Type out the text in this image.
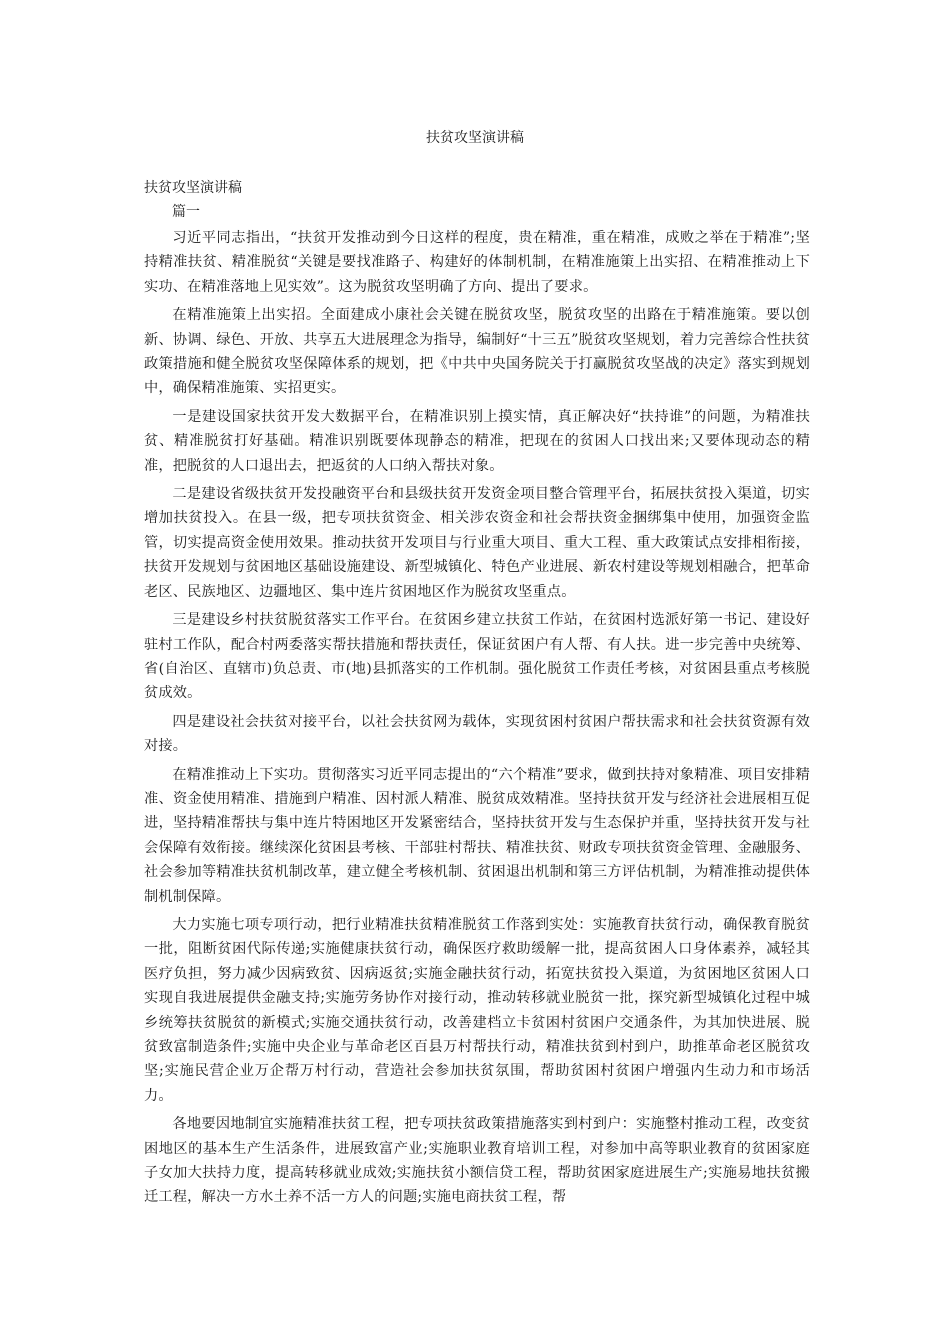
扶贫攻坚演讲稿

扶贫攻坚演讲稿

篇一

习近平同志指出，“扶贫开发推动到今日这样的程度，贵在精准，重在精准，成败之举在于精准”;坚持精准扶贫、精准脱贫“关键是要找准路子、构建好的体制机制，在精准施策上出实招、在精准推动上下实功、在精准落地上见实效”。这为脱贫攻坚明确了方向、提出了要求。

在精准施策上出实招。全面建成小康社会关键在脱贫攻坚，脱贫攻坚的出路在于精准施策。要以创新、协调、绿色、开放、共享五大进展理念为指导，编制好“十三五”脱贫攻坚规划，着力完善综合性扶贫政策措施和健全脱贫攻坚保障体系的规划，把《中共中央国务院关于打赢脱贫攻坚战的决定》落实到规划中，确保精准施策、实招更实。

一是建设国家扶贫开发大数据平台，在精准识别上摸实情，真正解决好“扶持谁”的问题，为精准扶贫、精准脱贫打好基础。精准识别既要体现静态的精准，把现在的贫困人口找出来;又要体现动态的精准，把脱贫的人口退出去，把返贫的人口纳入帮扶对象。

二是建设省级扶贫开发投融资平台和县级扶贫开发资金项目整合管理平台，拓展扶贫投入渠道，切实增加扶贫投入。在县一级，把专项扶贫资金、相关涉农资金和社会帮扶资金捆绑集中使用，加强资金监管，切实提高资金使用效果。推动扶贫开发项目与行业重大项目、重大工程、重大政策试点安排相衔接，扶贫开发规划与贫困地区基础设施建设、新型城镇化、特色产业进展、新农村建设等规划相融合，把革命老区、民族地区、边疆地区、集中连片贫困地区作为脱贫攻坚重点。

三是建设乡村扶贫脱贫落实工作平台。在贫困乡建立扶贫工作站，在贫困村选派好第一书记、建设好驻村工作队，配合村两委落实帮扶措施和帮扶责任，保证贫困户有人帮、有人扶。进一步完善中央统筹、省(自治区、直辖市)负总责、市(地)县抓落实的工作机制。强化脱贫工作责任考核，对贫困县重点考核脱贫成效。

四是建设社会扶贫对接平台，以社会扶贫网为载体，实现贫困村贫困户帮扶需求和社会扶贫资源有效对接。

在精准推动上下实功。贯彻落实习近平同志提出的“六个精准”要求，做到扶持对象精准、项目安排精准、资金使用精准、措施到户精准、因村派人精准、脱贫成效精准。坚持扶贫开发与经济社会进展相互促进，坚持精准帮扶与集中连片特困地区开发紧密结合，坚持扶贫开发与生态保护并重，坚持扶贫开发与社会保障有效衔接。继续深化贫困县考核、干部驻村帮扶、精准扶贫、财政专项扶贫资金管理、金融服务、社会参加等精准扶贫机制改革，建立健全考核机制、贫困退出机制和第三方评估机制，为精准推动提供体制机制保障。

大力实施七项专项行动，把行业精准扶贫精准脱贫工作落到实处：实施教育扶贫行动，确保教育脱贫一批，阻断贫困代际传递;实施健康扶贫行动，确保医疗救助缓解一批，提高贫困人口身体素养，减轻其医疗负担，努力减少因病致贫、因病返贫;实施金融扶贫行动，拓宽扶贫投入渠道，为贫困地区贫困人口实现自我进展提供金融支持;实施劳务协作对接行动，推动转移就业脱贫一批，探究新型城镇化过程中城乡统筹扶贫脱贫的新模式;实施交通扶贫行动，改善建档立卡贫困村贫困户交通条件，为其加快进展、脱贫致富制造条件;实施中央企业与革命老区百县万村帮扶行动，精准扶贫到村到户，助推革命老区脱贫攻坚;实施民营企业万企帮万村行动，营造社会参加扶贫氛围，帮助贫困村贫困户增强内生动力和市场活力。

各地要因地制宜实施精准扶贫工程，把专项扶贫政策措施落实到村到户：实施整村推动工程，改变贫困地区的基本生产生活条件，进展致富产业;实施职业教育培训工程，对参加中高等职业教育的贫困家庭子女加大扶持力度，提高转移就业成效;实施扶贫小额信贷工程，帮助贫困家庭进展生产;实施易地扶贫搬迁工程，解决一方水土养不活一方人的问题;实施电商扶贫工程，帮
